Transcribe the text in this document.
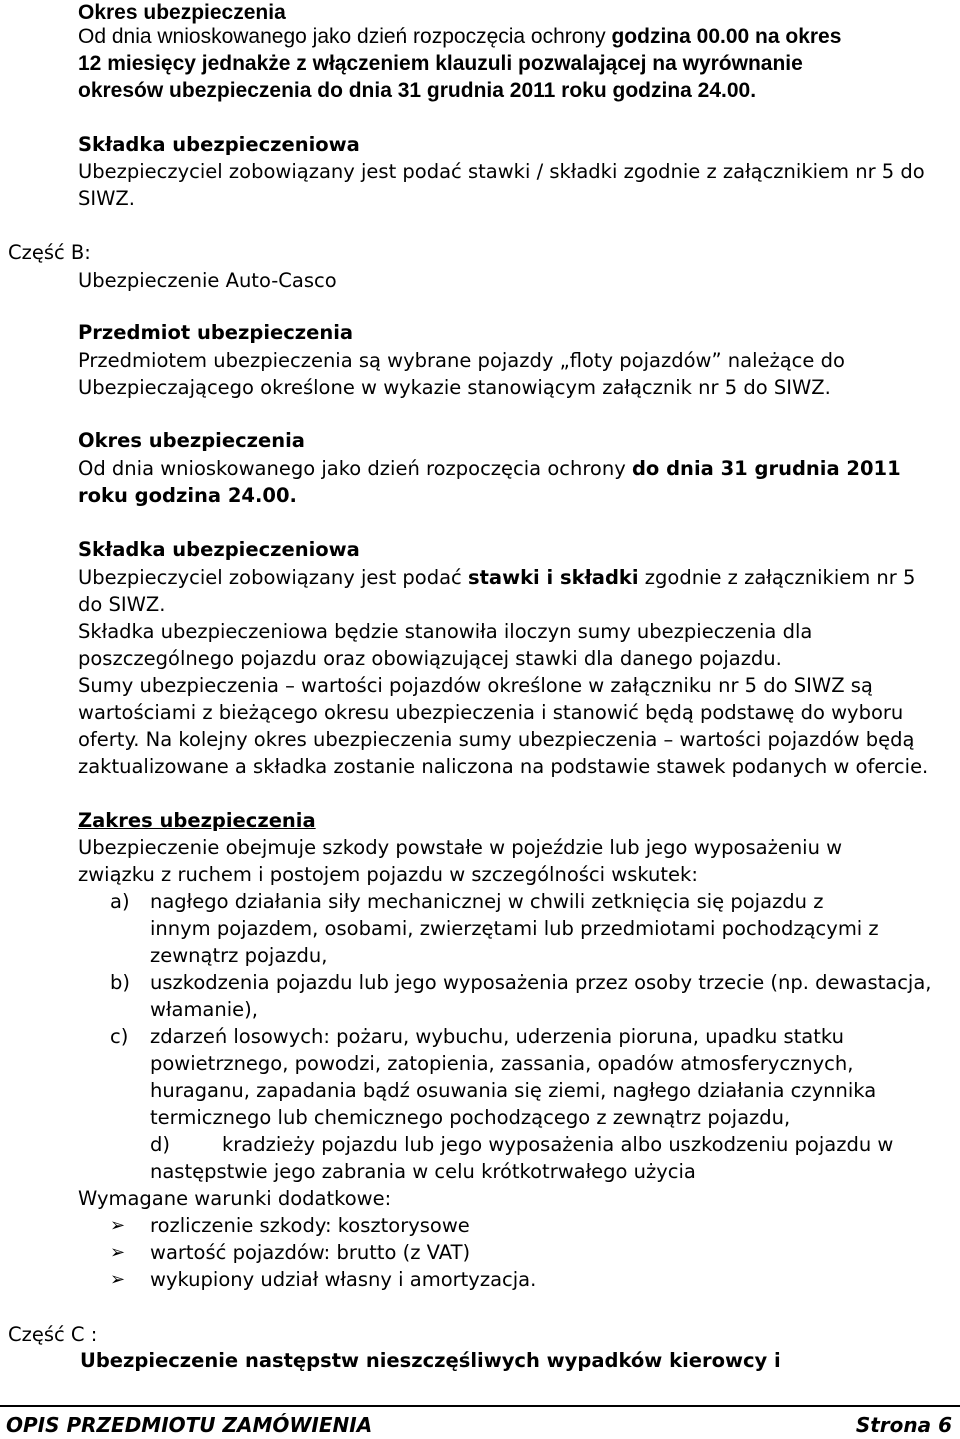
Okres ubezpieczenia
Od dnia wnioskowanego jako dzień rozpoczęcia ochrony godzina 00.00 na okres
12 miesięcy jednakże z włączeniem klauzuli pozwalającej na wyrównanie
okresów ubezpieczenia do dnia 31 grudnia 2011 roku godzina 24.00.
Składka ubezpieczeniowa
Ubezpieczyciel zobowiązany jest podać stawki / składki zgodnie z załącznikiem nr 5 do
SIWZ.
Część B:
Ubezpieczenie Auto-Casco
Przedmiot ubezpieczenia
Przedmiotem ubezpieczenia są wybrane pojazdy „floty pojazdów” należące do
Ubezpieczającego określone w wykazie stanowiącym załącznik nr 5 do SIWZ.
Okres ubezpieczenia
Od dnia wnioskowanego jako dzień rozpoczęcia ochrony do dnia 31 grudnia 2011
roku godzina 24.00.
Składka ubezpieczeniowa
Ubezpieczyciel zobowiązany jest podać stawki i składki zgodnie z załącznikiem nr 5
do SIWZ.
Składka ubezpieczeniowa będzie stanowiła iloczyn sumy ubezpieczenia dla
poszczególnego pojazdu oraz obowiązującej stawki dla danego pojazdu.
Sumy ubezpieczenia – wartości pojazdów określone w załączniku nr 5 do SIWZ są
wartościami z bieżącego okresu ubezpieczenia i stanowić będą podstawę do wyboru
oferty. Na kolejny okres ubezpieczenia sumy ubezpieczenia – wartości pojazdów będą
zaktualizowane a składka zostanie naliczona na podstawie stawek podanych w ofercie.
Zakres ubezpieczenia
Ubezpieczenie obejmuje szkody powstałe w pojeździe lub jego wyposażeniu w
związku z ruchem i postojem pojazdu w szczególności wskutek:
a) nagłego działania siły mechanicznej w chwili zetknięcia się pojazdu z
innym pojazdem, osobami, zwierzętami lub przedmiotami pochodzącymi z
zewnątrz pojazdu,
b) uszkodzenia pojazdu lub jego wyposażenia przez osoby trzecie (np. dewastacja,
włamanie),
c) zdarzeń losowych: pożaru, wybuchu, uderzenia pioruna, upadku statku
powietrznego, powodzi, zatopienia, zassania, opadów atmosferycznych,
huraganu, zapadania bądź osuwania się ziemi, nagłego działania czynnika
termicznego lub chemicznego pochodzącego z zewnątrz pojazdu,
d)	kradzieży pojazdu lub jego wyposażenia albo uszkodzeniu pojazdu w
następstwie jego zabrania w celu krótkotrwałego użycia
Wymagane warunki dodatkowe:
➢ rozliczenie szkody: kosztorysowe
➢ wartość pojazdów: brutto (z VAT)
➢ wykupiony udział własny i amortyzacja.
Część C :
Ubezpieczenie następstw nieszczęśliwych wypadków kierowcy i
OPIS PRZEDMIOTU ZAMÓWIENIA	Strona 6
